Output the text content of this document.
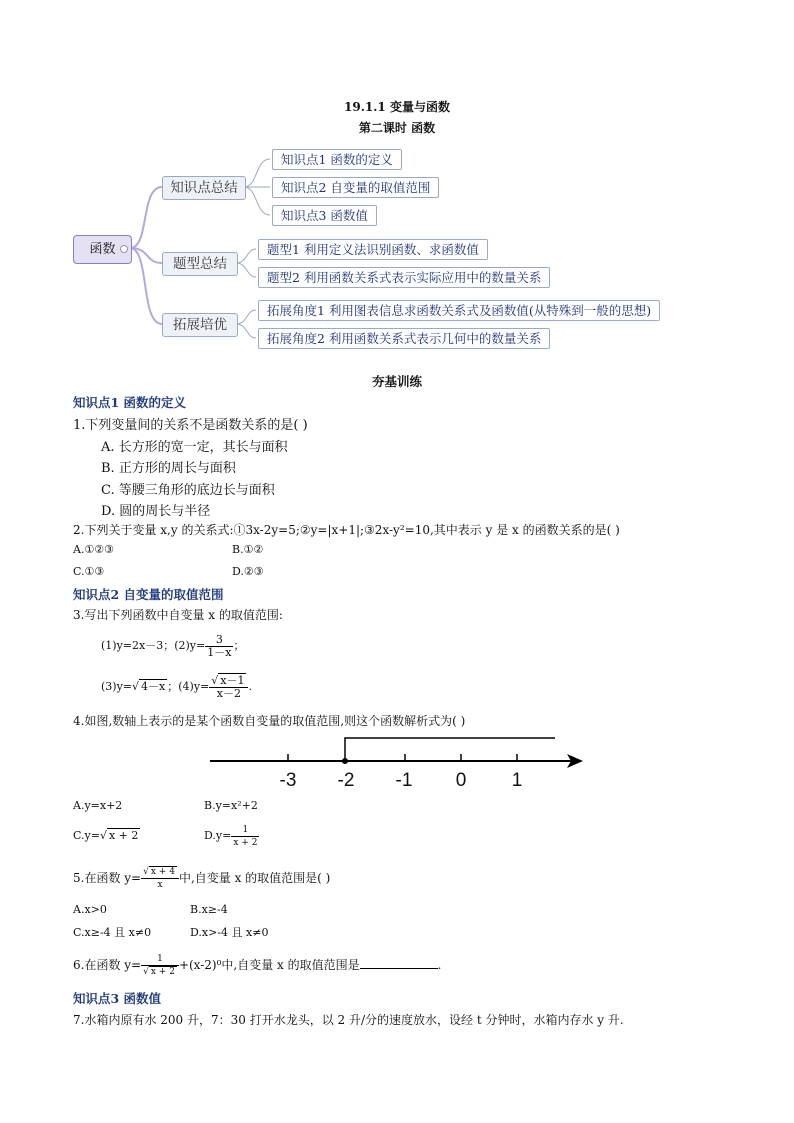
19.1.1 变量与函数
第二课时 函数
函数
知识点总结
题型总结
拓展培优
知识点1 函数的定义
知识点2 自变量的取值范围
知识点3 函数值
题型1 利用定义法识别函数、求函数值
题型2 利用函数关系式表示实际应用中的数量关系
拓展角度1 利用图表信息求函数关系式及函数值(从特殊到一般的思想)
拓展角度2 利用函数关系式表示几何中的数量关系
夯基训练
知识点1 函数的定义
1.下列变量间的关系不是函数关系的是( )
A. 长方形的宽一定，其长与面积
B. 正方形的周长与面积
C. 等腰三角形的底边长与面积
D. 圆的周长与半径
2.下列关于变量 x,y 的关系式:①3x-2y=5;②y=|x+1|;③2x-y²=10,其中表示 y 是 x 的函数关系的是( )
A.①②③	B.①②
C.①③	D.②③
知识点2 自变量的取值范围
3.写出下列函数中自变量 x 的取值范围:
(1)y=2x－3；$(2)y= \frac{3}{1-x}$ ；
(3)y=√ 4－x ；$(4)y= \frac{√ x-1}{x-2}$ .
4.如图,数轴上表示的是某个函数自变量的取值范围,则这个函数解析式为( )
-3 -2 -1 0 1
A.y=x+2	B.y=x²+2
C.y=√ x + 2	$D.y= \frac{1}{x + 2}$
5.在函数 $y= \frac{√ x + 4}{x}$ 中,自变量 x 的取值范围是( )
A.x>0	B.x≥-4
C.x≥-4 且 x≠0	D.x>-4 且 x≠0
6.在函数 $y= \frac{1}{√ x + 2} +(x-2)^0$中,自变量 x 的取值范围是	.
知识点3 函数值
7.水箱内原有水 200 升，7：30 打开水龙头，以 2 升/分的速度放水，设经 t 分钟时，水箱内存水 y 升.
